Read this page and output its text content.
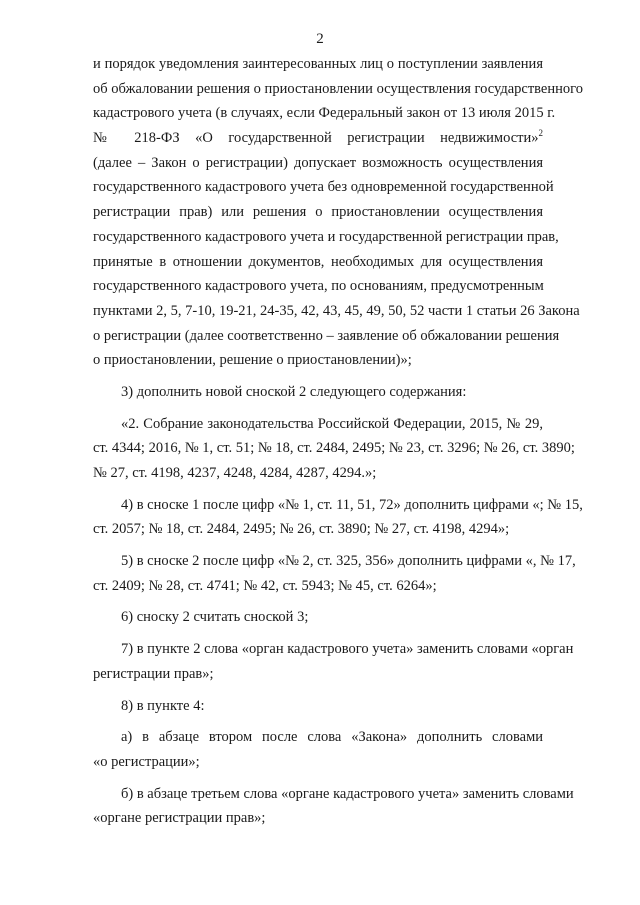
2
и порядок уведомления заинтересованных лиц о поступлении заявления
об обжаловании решения о приостановлении осуществления государственного
кадастрового учета (в случаях, если Федеральный закон от 13 июля 2015 г.
№ 218-ФЗ «О государственной регистрации недвижимости»$^2$
(далее – Закон о регистрации) допускает возможность осуществления
государственного кадастрового учета без одновременной государственной
регистрации прав) или решения о приостановлении осуществления
государственного кадастрового учета и государственной регистрации прав,
принятые в отношении документов, необходимых для осуществления
государственного кадастрового учета, по основаниям, предусмотренным
пунктами 2, 5, 7-10, 19-21, 24-35, 42, 43, 45, 49, 50, 52 части 1 статьи 26 Закона
о регистрации (далее соответственно – заявление об обжаловании решения
о приостановлении, решение о приостановлении)»;
3) дополнить новой сноской 2 следующего содержания:
«2. Собрание законодательства Российской Федерации, 2015, № 29,
ст. 4344; 2016, № 1, ст. 51; № 18, ст. 2484, 2495; № 23, ст. 3296; № 26, ст. 3890;
№ 27, ст. 4198, 4237, 4248, 4284, 4287, 4294.»;
4) в сноске 1 после цифр «№ 1, ст. 11, 51, 72» дополнить цифрами «; № 15,
ст. 2057; № 18, ст. 2484, 2495; № 26, ст. 3890; № 27, ст. 4198, 4294»;
5) в сноске 2 после цифр «№ 2, ст. 325, 356» дополнить цифрами «, № 17,
ст. 2409; № 28, ст. 4741; № 42, ст. 5943; № 45, ст. 6264»;
6) сноску 2 считать сноской 3;
7) в пункте 2 слова «орган кадастрового учета» заменить словами «орган
регистрации прав»;
8) в пункте 4:
а) в абзаце втором после слова «Закона» дополнить словами
«о регистрации»;
б) в абзаце третьем слова «органе кадастрового учета» заменить словами
«органе регистрации прав»;
